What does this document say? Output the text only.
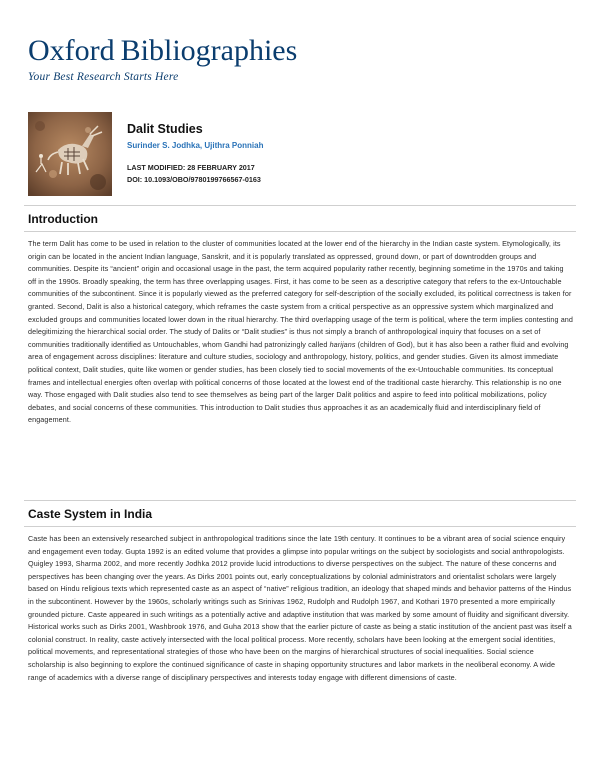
Oxford Bibliographies
Your Best Research Starts Here
Dalit Studies
Surinder S. Jodhka, Ujithra Ponniah
LAST MODIFIED: 28 FEBRUARY 2017
DOI: 10.1093/OBO/9780199766567-0163
Introduction

The term Dalit has come to be used in relation to the cluster of communities located at the lower end of the hierarchy in the Indian caste system. Etymologically, its origin can be located in the ancient Indian language, Sanskrit, and it is popularly translated as oppressed, ground down, or part of downtrodden groups and communities. Despite its “ancient” origin and occasional usage in the past, the term acquired popularity rather recently, beginning sometime in the 1970s and taking off in the 1990s. Broadly speaking, the term has three overlapping usages. First, it has come to be seen as a descriptive category that refers to the ex-Untouchable communities of the subcontinent. Since it is popularly viewed as the preferred category for self-description of the socially excluded, its political correctness is taken for granted. Second, Dalit is also a historical category, which reframes the caste system from a critical perspective as an oppressive system which marginalized and excluded groups and communities located lower down in the ritual hierarchy. The third overlapping usage of the term is political, where the term implies contesting and delegitimizing the hierarchical social order. The study of Dalits or “Dalit studies” is thus not simply a branch of anthropological inquiry that focuses on a set of communities traditionally identified as Untouchables, whom Gandhi had patronizingly called harijans (children of God), but it has also been a rather fluid and evolving area of engagement across disciplines: literature and culture studies, sociology and anthropology, history, politics, and gender studies. Given its almost immediate political context, Dalit studies, quite like women or gender studies, has been closely tied to social movements of the ex-Untouchable communities. Its conceptual frames and intellectual energies often overlap with political concerns of those located at the lowest end of the traditional caste hierarchy. This relationship is no one way. Those engaged with Dalit studies also tend to see themselves as being part of the larger Dalit politics and aspire to feed into political mobilizations, policy debates, and social concerns of these communities. This introduction to Dalit studies thus approaches it as an academically fluid and interdisciplinary field of engagement.

Caste System in India

Caste has been an extensively researched subject in anthropological traditions since the late 19th century. It continues to be a vibrant area of social science enquiry and engagement even today. Gupta 1992 is an edited volume that provides a glimpse into popular writings on the subject by sociologists and social anthropologists. Quigley 1993, Sharma 2002, and more recently Jodhka 2012 provide lucid introductions to diverse perspectives on the subject. The nature of these concerns and perspectives has been changing over the years. As Dirks 2001 points out, early conceptualizations by colonial administrators and orientalist scholars were largely based on Hindu religious texts which represented caste as an aspect of “native” religious tradition, an ideology that shaped minds and behavior patterns of the Hindus in the subcontinent. However by the 1960s, scholarly writings such as Srinivas 1962, Rudolph and Rudolph 1967, and Kothari 1970 presented a more empirically grounded picture. Caste appeared in such writings as a potentially active and adaptive institution that was marked by some amount of fluidity and significant diversity. Historical works such as Dirks 2001, Washbrook 1976, and Guha 2013 show that the earlier picture of caste as being a static institution of the ancient past was itself a colonial construct. In reality, caste actively intersected with the local political process. More recently, scholars have been looking at the emergent social identities, political movements, and representational strategies of those who have been on the margins of hierarchical structures of social inequalities. Social science scholarship is also beginning to explore the continued significance of caste in shaping opportunity structures and labor markets in the neoliberal economy. A wide range of academics with a diverse range of disciplinary perspectives and interests today engage with different dimensions of caste.
